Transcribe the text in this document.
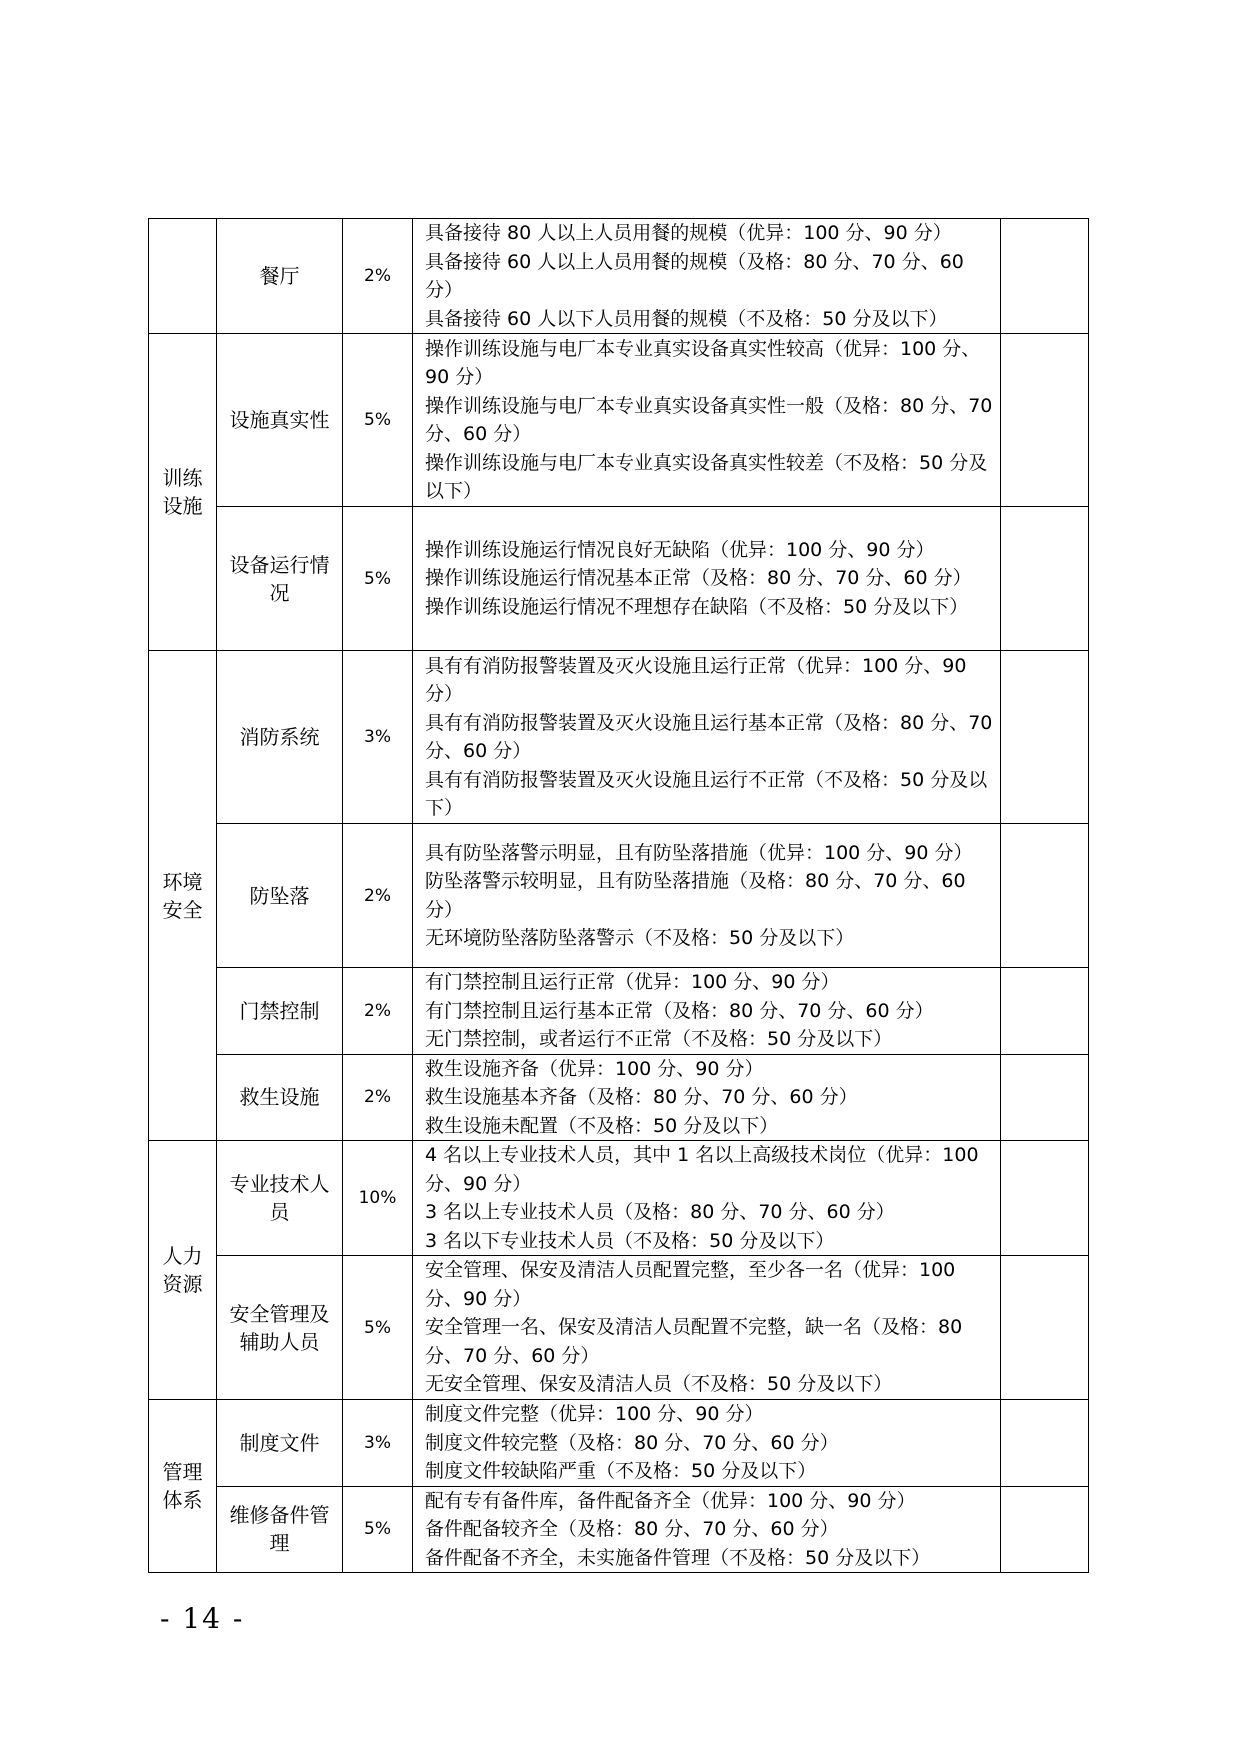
	餐厅	2%	具备接待 80 人以上人员用餐的规模（优异：100 分、90 分）
具备接待 60 人以上人员用餐的规模（及格：80 分、70 分、60 分）
具备接待 60 人以下人员用餐的规模（不及格：50 分及以下）	

训练设施	设施真实性	5%	操作训练设施与电厂本专业真实设备真实性较高（优异：100 分、90 分）
操作训练设施与电厂本专业真实设备真实性一般（及格：80 分、70 分、60 分）
操作训练设施与电厂本专业真实设备真实性较差（不及格：50 分及以下）	

	设备运行情况	5%	操作训练设施运行情况良好无缺陷（优异：100 分、90 分）
操作训练设施运行情况基本正常（及格：80 分、70 分、60 分）
操作训练设施运行情况不理想存在缺陷（不及格：50 分及以下）	

环境安全	消防系统	3%	具有有消防报警装置及灭火设施且运行正常（优异：100 分、90 分）
具有有消防报警装置及灭火设施且运行基本正常（及格：80 分、70 分、60 分）
具有有消防报警装置及灭火设施且运行不正常（不及格：50 分及以下）	

	防坠落	2%	具有防坠落警示明显，且有防坠落措施（优异：100 分、90 分）
防坠落警示较明显，且有防坠落措施（及格：80 分、70 分、60 分）
无环境防坠落防坠落警示（不及格：50 分及以下）	

	门禁控制	2%	有门禁控制且运行正常（优异：100 分、90 分）
有门禁控制且运行基本正常（及格：80 分、70 分、60 分）
无门禁控制，或者运行不正常（不及格：50 分及以下）	

	救生设施	2%	救生设施齐备（优异：100 分、90 分）
救生设施基本齐备（及格：80 分、70 分、60 分）
救生设施未配置（不及格：50 分及以下）	

人力资源	专业技术人员	10%	4 名以上专业技术人员，其中 1 名以上高级技术岗位（优异：100 分、90 分）
3 名以上专业技术人员（及格：80 分、70 分、60 分）
3 名以下专业技术人员（不及格：50 分及以下）	

	安全管理及辅助人员	5%	安全管理、保安及清洁人员配置完整，至少各一名（优异：100 分、90 分）
安全管理一名、保安及清洁人员配置不完整，缺一名（及格：80 分、70 分、60 分）
无安全管理、保安及清洁人员（不及格：50 分及以下）	

管理体系	制度文件	3%	制度文件完整（优异：100 分、90 分）
制度文件较完整（及格：80 分、70 分、60 分）
制度文件较缺陷严重（不及格：50 分及以下）	

	维修备件管理	5%	配有专有备件库，备件配备齐全（优异：100 分、90 分）
备件配备较齐全（及格：80 分、70 分、60 分）
备件配备不齐全，未实施备件管理（不及格：50 分及以下）	

- 14 -
